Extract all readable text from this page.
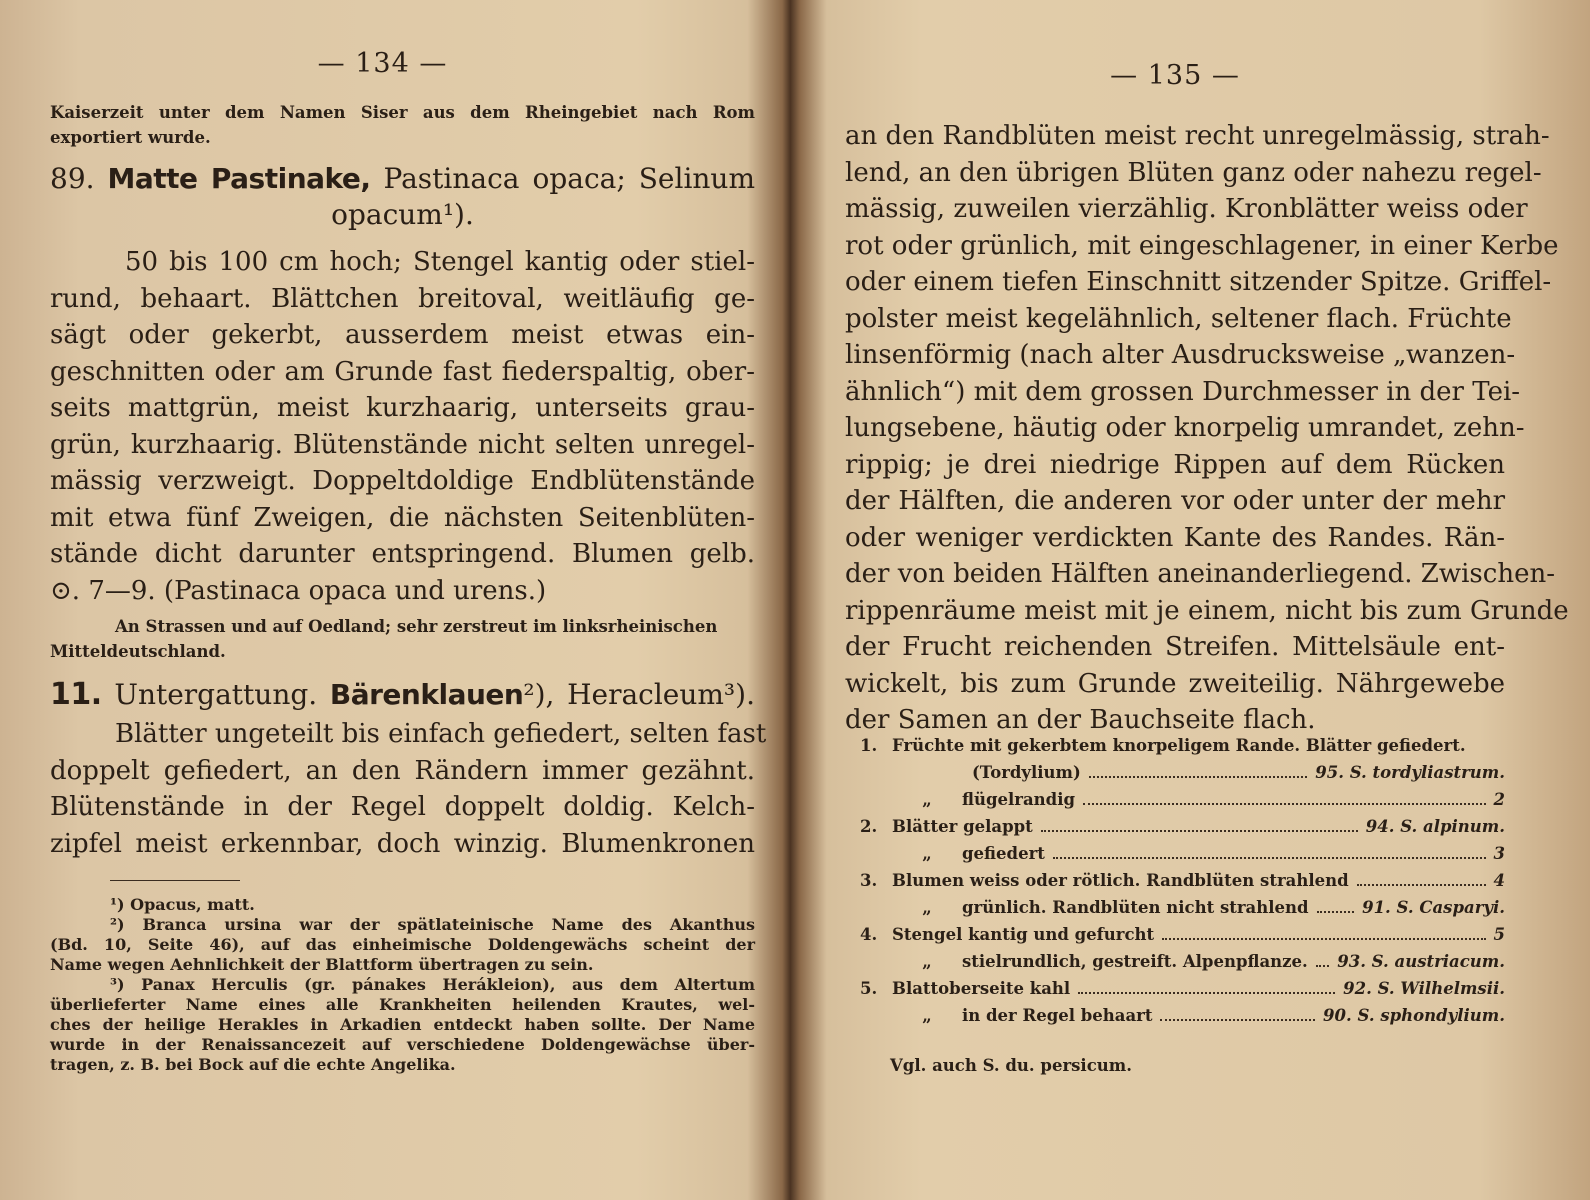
— 134 —
Kaiserzeit unter dem Namen Siser aus dem Rheingebiet nach Rom
exportiert wurde.
89. Matte Pastinake, Pastinaca opaca; Selinum
opacum¹).
50 bis 100 cm hoch; Stengel kantig oder stiel-
rund, behaart. Blättchen breitoval, weitläufig ge-
sägt oder gekerbt, ausserdem meist etwas ein-
geschnitten oder am Grunde fast fiederspaltig, ober-
seits mattgrün, meist kurzhaarig, unterseits grau-
grün, kurzhaarig. Blütenstände nicht selten unregel-
mässig verzweigt. Doppeltdoldige Endblütenstände
mit etwa fünf Zweigen, die nächsten Seitenblüten-
stände dicht darunter entspringend. Blumen gelb.
⊙. 7—9. (Pastinaca opaca und urens.)
An Strassen und auf Oedland; sehr zerstreut im linksrheinischen
Mitteldeutschland.
11. Untergattung. Bärenklauen²), Heracleum³).
Blätter ungeteilt bis einfach gefiedert, selten fast
doppelt gefiedert, an den Rändern immer gezähnt.
Blütenstände in der Regel doppelt doldig. Kelch-
zipfel meist erkennbar, doch winzig. Blumenkronen
¹) Opacus, matt.
²) Branca ursina war der spätlateinische Name des Akanthus
(Bd. 10, Seite 46), auf das einheimische Doldengewächs scheint der
Name wegen Aehnlichkeit der Blattform übertragen zu sein.
³) Panax Herculis (gr. pánakes Herákleion), aus dem Altertum
überlieferter Name eines alle Krankheiten heilenden Krautes, wel-
ches der heilige Herakles in Arkadien entdeckt haben sollte. Der Name
wurde in der Renaissancezeit auf verschiedene Doldengewächse über-
tragen, z. B. bei Bock auf die echte Angelika.
— 135 —
an den Randblüten meist recht unregelmässig, strah-
lend, an den übrigen Blüten ganz oder nahezu regel-
mässig, zuweilen vierzählig. Kronblätter weiss oder
rot oder grünlich, mit eingeschlagener, in einer Kerbe
oder einem tiefen Einschnitt sitzender Spitze. Griffel-
polster meist kegelähnlich, seltener flach. Früchte
linsenförmig (nach alter Ausdrucksweise „wanzen-
ähnlich“) mit dem grossen Durchmesser in der Tei-
lungsebene, häutig oder knorpelig umrandet, zehn-
rippig; je drei niedrige Rippen auf dem Rücken
der Hälften, die anderen vor oder unter der mehr
oder weniger verdickten Kante des Randes. Rän-
der von beiden Hälften aneinanderliegend. Zwischen-
rippenräume meist mit je einem, nicht bis zum Grunde
der Frucht reichenden Streifen. Mittelsäule ent-
wickelt, bis zum Grunde zweiteilig. Nährgewebe
der Samen an der Bauchseite flach.
1. Früchte mit gekerbtem knorpeligem Rande. Blätter gefiedert.
(Tordylium)	95. S. tordyliastrum.
„	flügelrandig	2
2. Blätter gelappt	94. S. alpinum.
„	gefiedert	3
3. Blumen weiss oder rötlich. Randblüten strahlend	4
„	grünlich. Randblüten nicht strahlend	91. S. Casparyi.
4. Stengel kantig und gefurcht	5
„	stielrundlich, gestreift. Alpenpflanze. 93. S. austriacum.
5. Blattoberseite kahl	92. S. Wilhelmsii.
„	in der Regel behaart	90. S. sphondylium.
Vgl. auch S. du. persicum.
